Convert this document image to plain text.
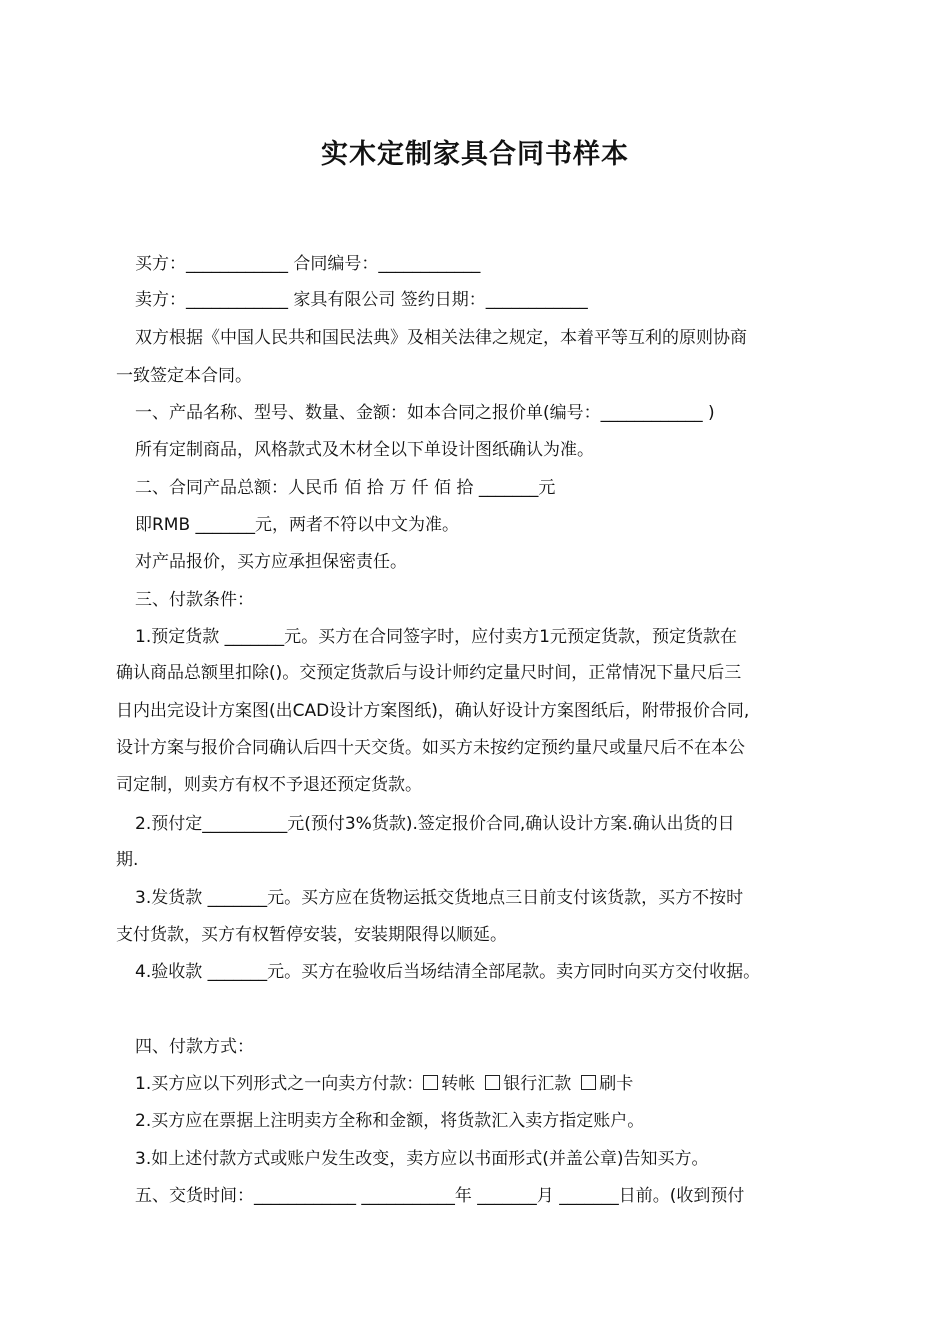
实木定制家具合同书样本
买方：____________ 合同编号：____________
卖方：____________ 家具有限公司 签约日期：____________
双方根据《中国人民共和国民法典》及相关法律之规定，本着平等互利的原则协商
一致签定本合同。
一、产品名称、型号、数量、金额：如本合同之报价单(编号：____________ )
所有定制商品，风格款式及木材全以下单设计图纸确认为准。
二、合同产品总额：人民币 佰 拾 万 仟 佰 拾 _______元
即RMB _______元，两者不符以中文为准。
对产品报价，买方应承担保密责任。
三、付款条件：
1.预定货款 _______元。买方在合同签字时，应付卖方1元预定货款，预定货款在
确认商品总额里扣除()。交预定货款后与设计师约定量尺时间，正常情况下量尺后三
日内出完设计方案图(出CAD设计方案图纸)，确认好设计方案图纸后，附带报价合同,
设计方案与报价合同确认后四十天交货。如买方未按约定预约量尺或量尺后不在本公
司定制，则卖方有权不予退还预定货款。
2.预付定__________元(预付3%货款).签定报价合同,确认设计方案.确认出货的日
期.
3.发货款 _______元。买方应在货物运抵交货地点三日前支付该货款，买方不按时
支付货款，买方有权暂停安装，安装期限得以顺延。
4.验收款 _______元。买方在验收后当场结清全部尾款。卖方同时向买方交付收据。
四、付款方式：
1.买方应以下列形式之一向卖方付款： 转帐 银行汇款 刷卡
2.买方应在票据上注明卖方全称和金额，将货款汇入卖方指定账户。
3.如上述付款方式或账户发生改变，卖方应以书面形式(并盖公章)告知买方。
五、交货时间：____________ ___________年 _______月 _______日前。(收到预付
